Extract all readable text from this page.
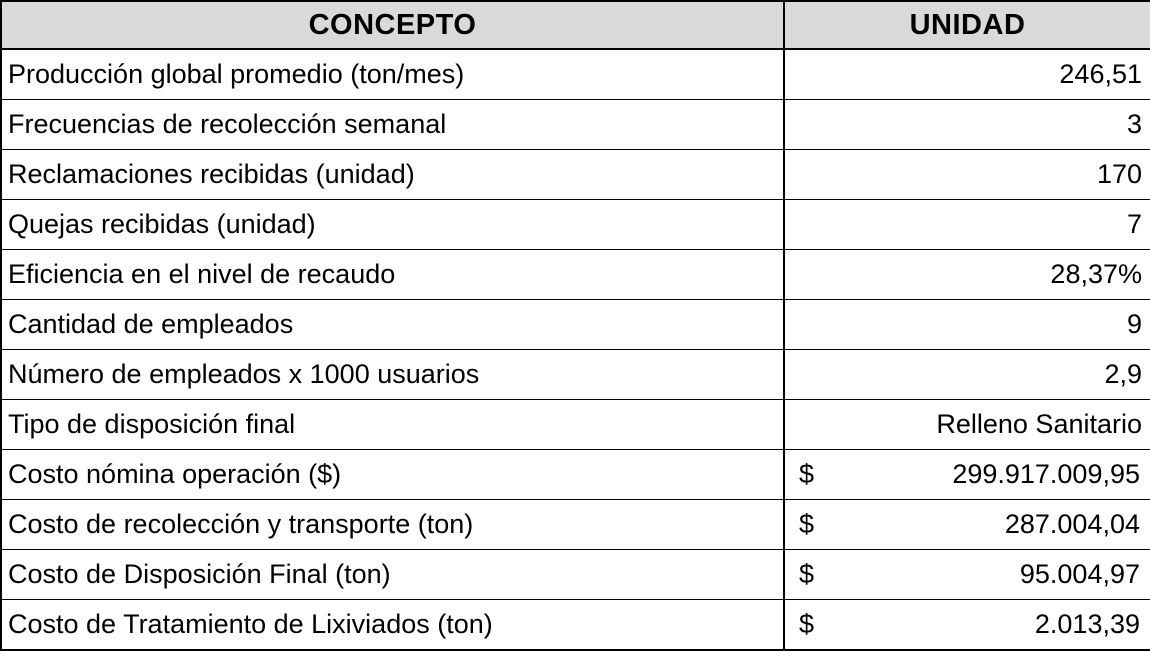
CONCEPTO	UNIDAD
Producción global promedio (ton/mes)	246,51
Frecuencias de recolección semanal	3
Reclamaciones recibidas (unidad)	170
Quejas recibidas (unidad)	7
Eficiencia en el nivel de recaudo	28,37%
Cantidad de empleados	9
Número de empleados x 1000 usuarios	2,9
Tipo de disposición final	Relleno Sanitario
Costo nómina operación ($)	$ 299.917.009,95

Costo de recolección y transporte (ton)	$ 287.004,04

Costo de Disposición Final (ton)	$ 95.004,97

Costo de Tratamiento de Lixiviados (ton)	$ 2.013,39
